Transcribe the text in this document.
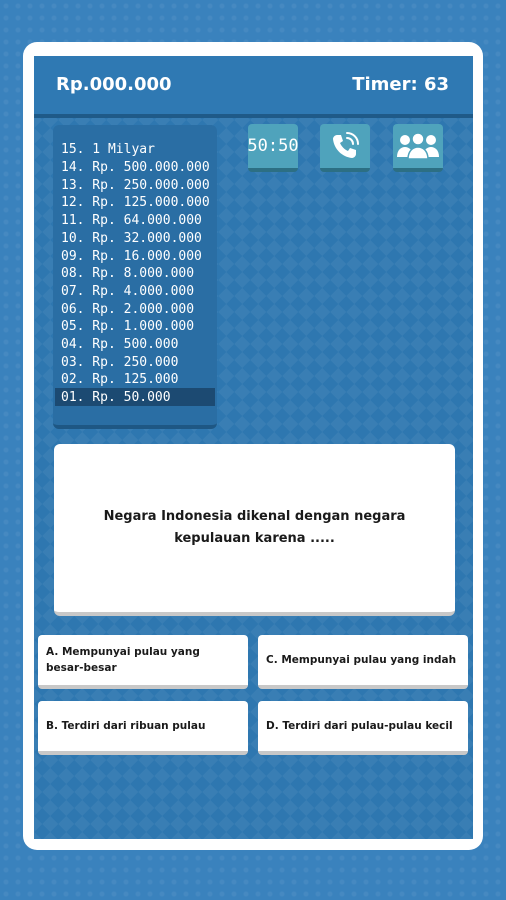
Rp.000.000	Timer: 63
15. 1 Milyar
14. Rp. 500.000.000
13. Rp. 250.000.000
12. Rp. 125.000.000
11. Rp. 64.000.000
10. Rp. 32.000.000
09. Rp. 16.000.000
08. Rp. 8.000.000
07. Rp. 4.000.000
06. Rp. 2.000.000
05. Rp. 1.000.000
04. Rp. 500.000
03. Rp. 250.000
02. Rp. 125.000
01. Rp. 50.000
50:50
Negara Indonesia dikenal dengan negara kepulauan karena .....
A. Mempunyai pulau yang besar-besar
C. Mempunyai pulau yang indah
B. Terdiri dari ribuan pulau	D. Terdiri dari pulau-pulau kecil
